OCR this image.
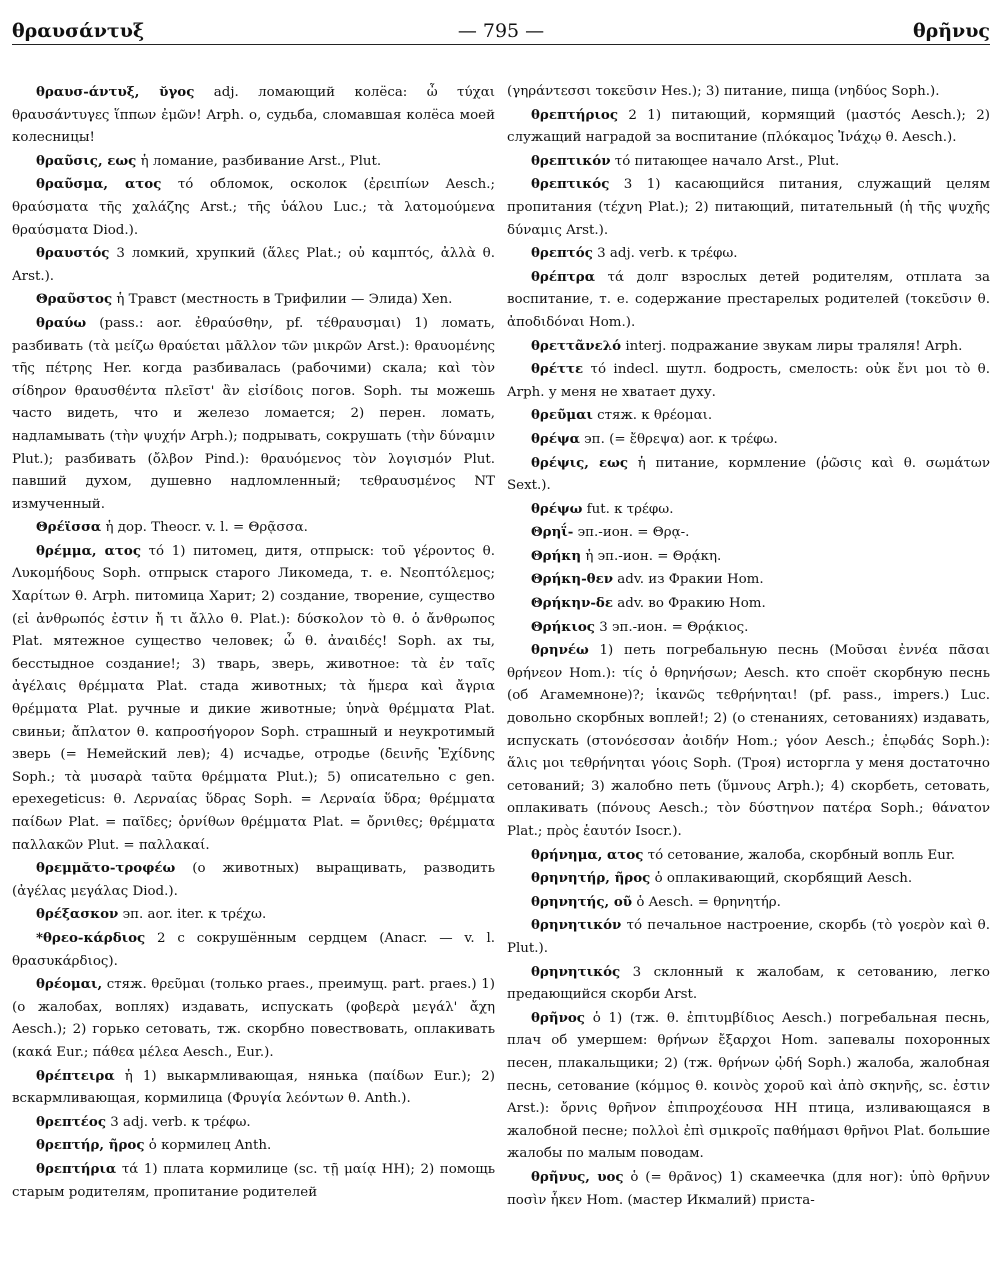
θραυσάντυξ	— 795 —	θρῆνυς

θραυσ-άντυξ, ῠγος adj. ломающий колёса: ὦ τύχαι θραυσάντυγες ἵππων ἐμῶν! Arph. о, судьба, сломавшая колёса моей колесницы!

θραῦσις, εως ἡ ломание, разбивание Arst., Plut.

θραῦσμα, ατος τό обломок, осколок (ἐρειπίων Aesch.; θραύσματα τῆς χαλάζης Arst.; τῆς ὑάλου Luc.; τὰ λατομούμενα θραύσματα Diod.).

θραυστός 3 ломкий, хрупкий (ἅλες Plat.; οὐ καμπτός, ἀλλὰ θ. Arst.).

Θραῦστος ἡ Травст (местность в Трифилии — Элида) Xen.

θραύω (pass.: aor. ἐθραύσθην, pf. τέθραυσμαι) 1) ломать, разбивать (τὰ μείζω θραύεται μᾶλλον τῶν μικρῶν Arst.): θραυομένης τῆς πέτρης Her. когда разбивалась (рабочими) скала; καὶ τὸν σίδηρον θραυσθέντα πλεῖστ' ἂν εἰσίδοις погов. Soph. ты можешь часто видеть, что и железо ломается; 2) перен. ломать, надламывать (τὴν ψυχήν Arph.); подрывать, сокрушать (τὴν δύναμιν Plut.); разбивать (ὄλβον Pind.): θραυόμενος τὸν λογισμόν Plut. павший духом, душевно надломленный; τεθραυσμένος NT измученный.

Θρέϊσσα ἡ дор. Theocr. v. l. = Θρᾷσσα.

θρέμμα, ατος τό 1) питомец, дитя, отпрыск: τοῦ γέροντος θ. Λυκομήδους Soph. отпрыск старого Ликомеда, т. е. Νεοπτόλεμος; Χαρίτων θ. Arph. питомица Харит; 2) создание, творение, существо (εἰ ἀνθρωπός ἐστιν ἤ τι ἄλλο θ. Plat.): δύσκολον τὸ θ. ὁ ἄνθρωπος Plat. мятежное существо человек; ὦ θ. ἀναιδές! Soph. ах ты, бесстыдное создание!; 3) тварь, зверь, животное: τὰ ἐν ταῖς ἀγέλαις θρέμματα Plat. стада животных; τὰ ἥμερα καὶ ἄγρια θρέμματα Plat. ручные и дикие животные; ὑηνὰ θρέμματα Plat. свиньи; ἄπλατον θ. καπροσήγορον Soph. страшный и неукротимый зверь (= Немейский лев); 4) исчадье, отродье (δεινῆς Ἐχίδνης Soph.; τὰ μυσαρὰ ταῦτα θρέμματα Plut.); 5) описательно с gen. epexegeticus: θ. Λερναίας ὕδρας Soph. = Λερναία ὕδρα; θρέμματα παίδων Plat. = παῖδες; ὀρνίθων θρέμματα Plat. = ὄρνιθες; θρέμματα παλλακῶν Plut. = παλλακαί.

θρεμμᾰτο-τροφέω (о животных) выращивать, разводить (ἀγέλας μεγάλας Diod.).

θρέξασκον эп. aor. iter. к τρέχω.

*θρεο-κάρδιος 2 с сокрушённым сердцем (Anacr. — v. l. θρασυκάρδιος).

θρέομαι, стяж. θρεῦμαι (только praes., преимущ. part. praes.) 1) (о жалобах, воплях) издавать, испускать (φοβερὰ μεγάλ' ἄχη Aesch.); 2) горько сетовать, тж. скорбно повествовать, оплакивать (κακά Eur.; πάθεα μέλεα Aesch., Eur.).

θρέπτειρα ἡ 1) выкармливающая, нянька (παίδων Eur.); 2) вскармливающая, кормилица (Φρυγία λεόντων θ. Anth.).

θρεπτέος 3 adj. verb. к τρέφω.

θρεπτήρ, ῆρος ὁ кормилец Anth.

θρεπτήρια τά 1) плата кормилице (sc. τῇ μαίᾳ HH); 2) помощь старым родителям, пропитание родителей

(γηράντεσσι τοκεῦσιν Hes.); 3) питание, пища (νηδύος Soph.).

θρεπτήριος 2 1) питающий, кормящий (μαστός Aesch.); 2) служащий наградой за воспитание (πλόκαμος Ἰνάχῳ θ. Aesch.).

θρεπτικόν τό питающее начало Arst., Plut.

θρεπτικός 3 1) касающийся питания, служащий целям пропитания (τέχνη Plat.); 2) питающий, питательный (ἡ τῆς ψυχῆς δύναμις Arst.).

θρεπτός 3 adj. verb. к τρέφω.

θρέπτρα τά долг взрослых детей родителям, отплата за воспитание, т. е. содержание престарелых родителей (τοκεῦσιν θ. ἀποδιδόναι Hom.).

θρεττᾶνελό interj. подражание звукам лиры траляля! Arph.

θρέττε τό indecl. шутл. бодрость, смелость: οὐκ ἔνι μοι τὸ θ. Arph. у меня не хватает духу.

θρεῦμαι стяж. к θρέομαι.

θρέψα эп. (= ἔθρεψα) aor. к τρέφω.

θρέψις, εως ἡ питание, кормление (ῥῶσις καὶ θ. σωμάτων Sext.).

θρέψω fut. к τρέφω.

Θρηΐ- эп.-ион. = Θρᾳ-.

Θρήκη ἡ эп.-ион. = Θρᾴκη.

Θρήκη-θεν adv. из Фракии Hom.

Θρήκην-δε adv. во Фракию Hom.

Θρήκιος 3 эп.-ион. = Θρᾴκιος.

θρηνέω 1) петь погребальную песнь (Μοῦσαι ἐννέα πᾶσαι θρήνεον Hom.): τίς ὁ θρηνήσων; Aesch. кто споёт скорбную песнь (об Агамемноне)?; ἱκανῶς τεθρήνηται! (pf. pass., impers.) Luc. довольно скорбных воплей!; 2) (о стенаниях, сетованиях) издавать, испускать (στονόεσσαν ἀοιδήν Hom.; γόον Aesch.; ἐπῳδάς Soph.): ἅλις μοι τεθρήνηται γόοις Soph. (Троя) исторгла у меня достаточно сетований; 3) жалобно петь (ὕμνους Arph.); 4) скорбеть, сетовать, оплакивать (πόνους Aesch.; τὸν δύστηνον πατέρα Soph.; θάνατον Plat.; πρὸς ἑαυτόν Isocr.).

θρήνημα, ατος τό сетование, жалоба, скорбный вопль Eur.

θρηνητήρ, ῆρος ὁ оплакивающий, скорбящий Aesch.

θρηνητής, οῦ ὁ Aesch. = θρηνητήρ.

θρηνητικόν τό печальное настроение, скорбь (τὸ γοερὸν καὶ θ. Plut.).

θρηνητικός 3 склонный к жалобам, к сетованию, легко предающийся скорби Arst.

θρῆνος ὁ 1) (тж. θ. ἐπιτυμβίδιος Aesch.) погребальная песнь, плач об умершем: θρήνων ἔξαρχοι Hom. запевалы похоронных песен, плакальщики; 2) (тж. θρήνων ᾠδή Soph.) жалоба, жалобная песнь, сетование (κόμμος θ. κοινὸς χοροῦ καὶ ἀπὸ σκηνῆς, sc. ἐστιν Arst.): ὄρνις θρῆνον ἐπιπροχέουσα HH птица, изливающаяся в жалобной песне; πολλοὶ ἐπὶ σμικροῖς παθήμασι θρῆνοι Plat. большие жалобы по малым поводам.

θρῆνυς, υος ὁ (= θρᾶνος) 1) скамеечка (для ног): ὑπὸ θρῆνυν ποσὶν ἧκεν Hom. (мастер Икмалий) приста-
